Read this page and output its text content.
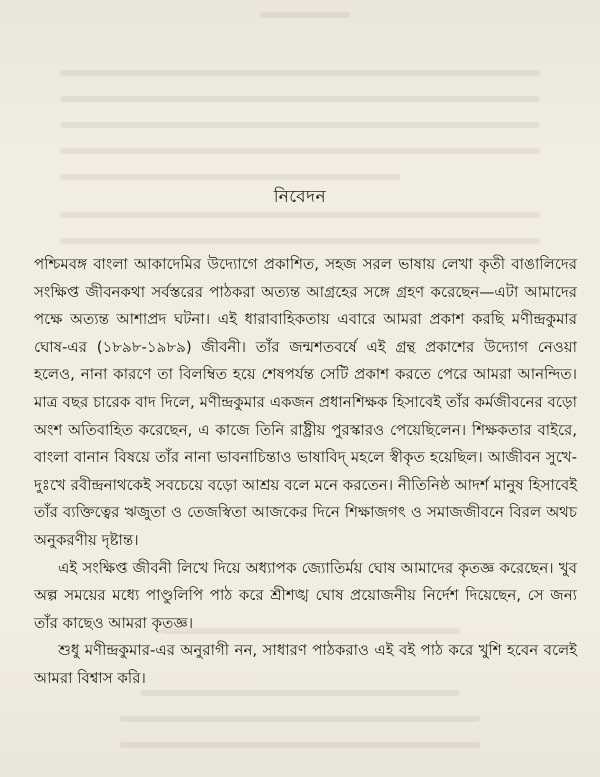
নিবেদন

পশ্চিমবঙ্গ বাংলা আকাদেমির উদ্যোগে প্রকাশিত, সহজ সরল ভাষায় লেখা কৃতী বাঙালিদের সংক্ষিপ্ত জীবনকথা সর্বস্তরের পাঠকরা অত্যন্ত আগ্রহের সঙ্গে গ্রহণ করেছেন—এটা আমাদের পক্ষে অত্যন্ত আশাপ্রদ ঘটনা। এই ধারাবাহিকতায় এবারে আমরা প্রকাশ করছি মণীন্দ্রকুমার ঘোষ-এর (১৮৯৮-১৯৮৯) জীবনী। তাঁর জন্মশতবর্ষে এই গ্রন্থ প্রকাশের উদ্যোগ নেওয়া হলেও, নানা কারণে তা বিলম্বিত হয়ে শেষপর্যন্ত সেটি প্রকাশ করতে পেরে আমরা আনন্দিত। মাত্র বছর চারেক বাদ দিলে, মণীন্দ্রকুমার একজন প্রধানশিক্ষক হিসাবেই তাঁর কর্মজীবনের বড়ো অংশ অতিবাহিত করেছেন, এ কাজে তিনি রাষ্ট্রীয় পুরস্কারও পেয়েছিলেন। শিক্ষকতার বাইরে, বাংলা বানান বিষয়ে তাঁর নানা ভাবনাচিন্তাও ভাষাবিদ্ মহলে স্বীকৃত হয়েছিল। আজীবন সুখে-দুঃখে রবীন্দ্রনাথকেই সবচেয়ে বড়ো আশ্রয় বলে মনে করতেন। নীতিনিষ্ঠ আদর্শ মানুষ হিসাবেই তাঁর ব্যক্তিত্বের ঋজুতা ও তেজস্বিতা আজকের দিনে শিক্ষাজগৎ ও সমাজজীবনে বিরল অথচ অনুকরণীয় দৃষ্টান্ত।

এই সংক্ষিপ্ত জীবনী লিখে দিয়ে অধ্যাপক জ্যোতির্ময় ঘোষ আমাদের কৃতজ্ঞ করেছেন। খুব অল্প সময়ের মধ্যে পাণ্ডুলিপি পাঠ করে শ্রীশঙ্খ ঘোষ প্রয়োজনীয় নির্দেশ দিয়েছেন, সে জন্য তাঁর কাছেও আমরা কৃতজ্ঞ।

শুধু মণীন্দ্রকুমার-এর অনুরাগী নন, সাধারণ পাঠকরাও এই বই পাঠ করে খুশি হবেন বলেই আমরা বিশ্বাস করি।
